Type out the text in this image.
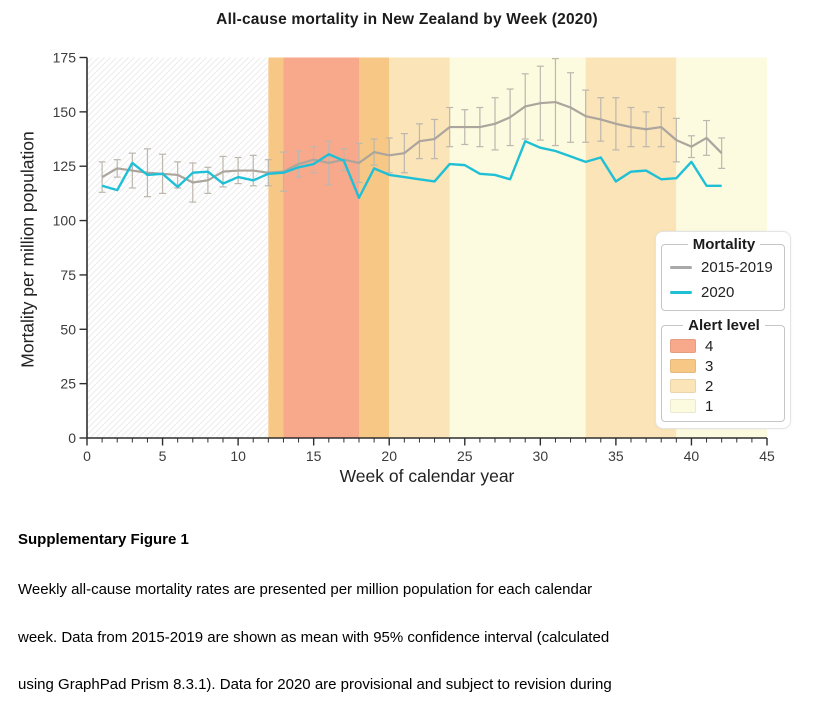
All-cause mortality in New Zealand by Week (2020)
0	5	10	15	20	25	30	35	40	45
0
25
50
75
100
125
150
175
Mortality per million population
Week of calendar year
Mortality
2015-2019
2020
Alert level
4
3
2
1

Supplementary Figure 1

Weekly all-cause mortality rates are presented per million population for each calendar

week. Data from 2015-2019 are shown as mean with 95% confidence interval (calculated

using GraphPad Prism 8.3.1). Data for 2020 are provisional and subject to revision during
